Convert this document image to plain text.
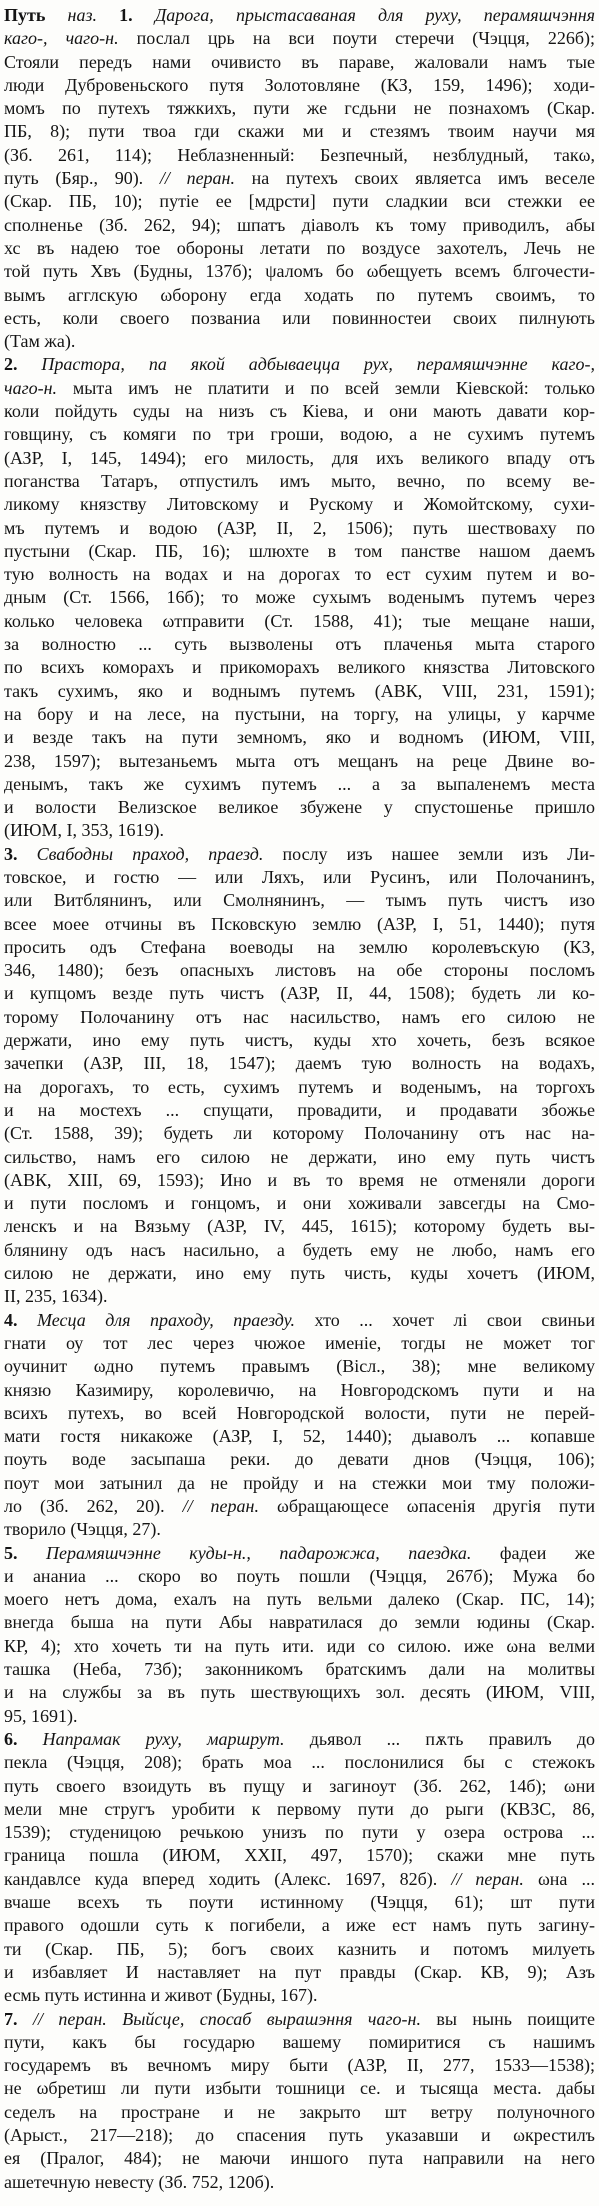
Путь наз. 1. Дарога, прыстасаваная для руху, перамяшчэння
каго-, чаго-н. послал црь на вси поути стеречи (Чэцця, 226б);
Стояли передъ нами очивисто въ параве, жаловали намъ тые
люди Дубровеньского путя Золотовляне (КЗ, 159, 1496); ходи-
момъ по путехъ тяжкихъ, пути же гсдьни не познахомъ (Скар.
ПБ, 8); пути твоа гди скажи ми и стезямъ твоим научи мя
(Зб. 261, 114); Неблазненный: Безпечный, незблудный, такω,
путь (Бяр., 90). // перан. на путехъ своих являетса имъ веселе
(Скар. ПБ, 10); путіе ее [мдрсти] пути сладкии вси стежки ее
сполненье (Зб. 262, 94); шпатъ діаволъ къ тому приводилъ, абы
хс въ надею тое обороны летати по воздусе захотелъ, Лечь не
той путь Хвъ (Будны, 137б); ψаломъ бо ωбещуеть всемъ блгочести-
вымъ агглскую ωборону егда ходать по путемъ своимъ, то
есть, коли своего позваниа или повинностеи своих пилнують
(Там жа).
2. Прастора, па якой адбываецца рух, перамяшчэнне каго-,
чаго-н. мыта имъ не платити и по всей земли Кіевской: только
коли пойдуть суды на низъ съ Кіева, и они мають давати кор-
говщину, съ комяги по три гроши, водою, а не сухимъ путемъ
(АЗР, I, 145, 1494); его милость, для ихъ великого впаду отъ
поганства Татаръ, отпустилъ имъ мыто, вечно, по всему ве-
ликому князству Литовскому и Рускому и Жомойтскому, сухи-
мъ путемъ и водою (АЗР, II, 2, 1506); путь шествоваху по
пустыни (Скар. ПБ, 16); шлюхте в том панстве нашом даемъ
тую волность на водах и на дорогах то ест сухим путем и во-
дным (Ст. 1566, 16б); то може сухымъ воденымъ путемъ через
колько человека ωтправити (Ст. 1588, 41); тые мещане наши,
за волностю ... суть вызволены отъ плаченья мыта старого
по всихъ коморахъ и прикоморахъ великого князства Литовского
такъ сухимъ, яко и воднымъ путемъ (АВК, VIII, 231, 1591);
на бору и на лесе, на пустыни, на торгу, на улицы, у карчме
и везде такъ на пути земномъ, яко и водномъ (ИЮМ, VIII,
238, 1597); вытезаньемъ мыта отъ мещанъ на реце Двине во-
денымъ, такъ же сухимъ путемъ ... а за выпаленемъ места
и волости Велизское великое збужене у спустошенье пришло
(ИЮМ, I, 353, 1619).
3. Свабодны праход, праезд. послу изъ нашее земли изъ Ли-
товское, и гостю — или Ляхъ, или Русинъ, или Полочанинъ,
или Витблянинъ, или Смолнянинъ, — тымъ путь чистъ изо
всее моее отчины въ Псковскую землю (АЗР, I, 51, 1440); путя
просить одъ Стефана воеводы на землю королевъскую (КЗ,
346, 1480); безъ опасныхъ листовъ на обе стороны посломъ
и купцомъ везде путь чистъ (АЗР, II, 44, 1508); будеть ли ко-
торому Полочанину отъ нас насильство, намъ его силою не
держати, ино ему путь чистъ, куды хто хочеть, безъ всякое
зачепки (АЗР, III, 18, 1547); даемъ тую волность на водахъ,
на дорогахъ, то есть, сухимъ путемъ и воденымъ, на торгохъ
и на мостехъ ... спущати, провадити, и продавати збожье
(Ст. 1588, 39); будеть ли которому Полочанину отъ нас на-
сильство, намъ его силою не держати, ино ему путь чистъ
(АВК, XIII, 69, 1593); Ино и въ то время не отменяли дороги
и пути посломъ и гонцомъ, и они хоживали завсегды на Смо-
ленскъ и на Вязьму (АЗР, IV, 445, 1615); которому будеть вы-
блянину одъ насъ насильно, а будеть ему не любо, намъ его
силою не держати, ино ему путь чисть, куды хочетъ (ИЮМ,
II, 235, 1634).
4. Месца для праходу, праезду. хто ... хочет лі свои свиньи
гнати оу тот лес через чюжое именіе, тогды не может тог
оучинит ωдно путемъ правымъ (Вісл., 38); мне великому
князю Казимиру, королевичю, на Новгородскомъ пути и на
всихъ путехъ, во всей Новгородской волости, пути не перей-
мати гостя никакоже (АЗР, I, 52, 1440); дыаволъ ... копавше
поуть воде засыпаша реки. до девати днов (Чэцця, 106);
поут мои затынил да не пройду и на стежки мои тму положи-
ло (Зб. 262, 20). // перан. ωбращающесе ωпасенія другія пути
творило (Чэцця, 27).
5. Перамяшчэнне куды-н., падарожжа, паездка. фадеи же
и ананиа ... скоро во поуть пошли (Чэцця, 267б); Мужа бо
моего нетъ дома, ехалъ на путь вельми далеко (Скар. ПС, 14);
внегда быша на пути Абы навратилася до земли юдины (Скар.
КР, 4); хто хочеть ти на путь ити. иди со силою. иже ωна велми
ташка (Неба, 73б); законникомъ братскимъ дали на молитвы
и на службы за въ путь шествующихъ зол. десять (ИЮМ, VIII,
95, 1691).
6. Напрамак руху, маршрут. дьявол ... пѫть правилъ до
пекла (Чэцця, 208); брать моа ... послонилися бы с стежокъ
путь своего взоидуть въ пущу и загиноут (Зб. 262, 14б); ωни
мели мне стругъ уробити к первому пути до рыги (КВЗС, 86,
1539); студеницою речькою унизъ по пути у озера острова ...
граница пошла (ИЮМ, XXII, 497, 1570); скажи мне путь
кандавлсе куда вперед ходить (Алекс. 1697, 82б). // перан. ωна ...
вчаше всехъ ть поути истинному (Чэцця, 61); шт пути
правого одошли суть к погибели, а иже ест намъ путь загину-
ти (Скар. ПБ, 5); богъ своих казнить и потомъ милуеть
и избавляет И наставляет на пут правды (Скар. КВ, 9); Азъ
есмь путь истинна и живот (Будны, 167).
7. // перан. Выйсце, спосаб вырашэння чаго-н. вы нынь поищите
пути, какъ бы государю вашему помиритися съ нашимъ
государемъ въ вечномъ миру быти (АЗР, II, 277, 1533—1538);
не ωбретиш ли пути избыти тошници се. и тысяща места. дабы
седелъ на простране и не закрыто шт ветру полуночного
(Арыст., 217—218); до спасения путь указавши и ωкрестилъ
ея (Пралог, 484); не маючи иншого пута направили на него
ашетечную невесту (Зб. 752, 120б).
